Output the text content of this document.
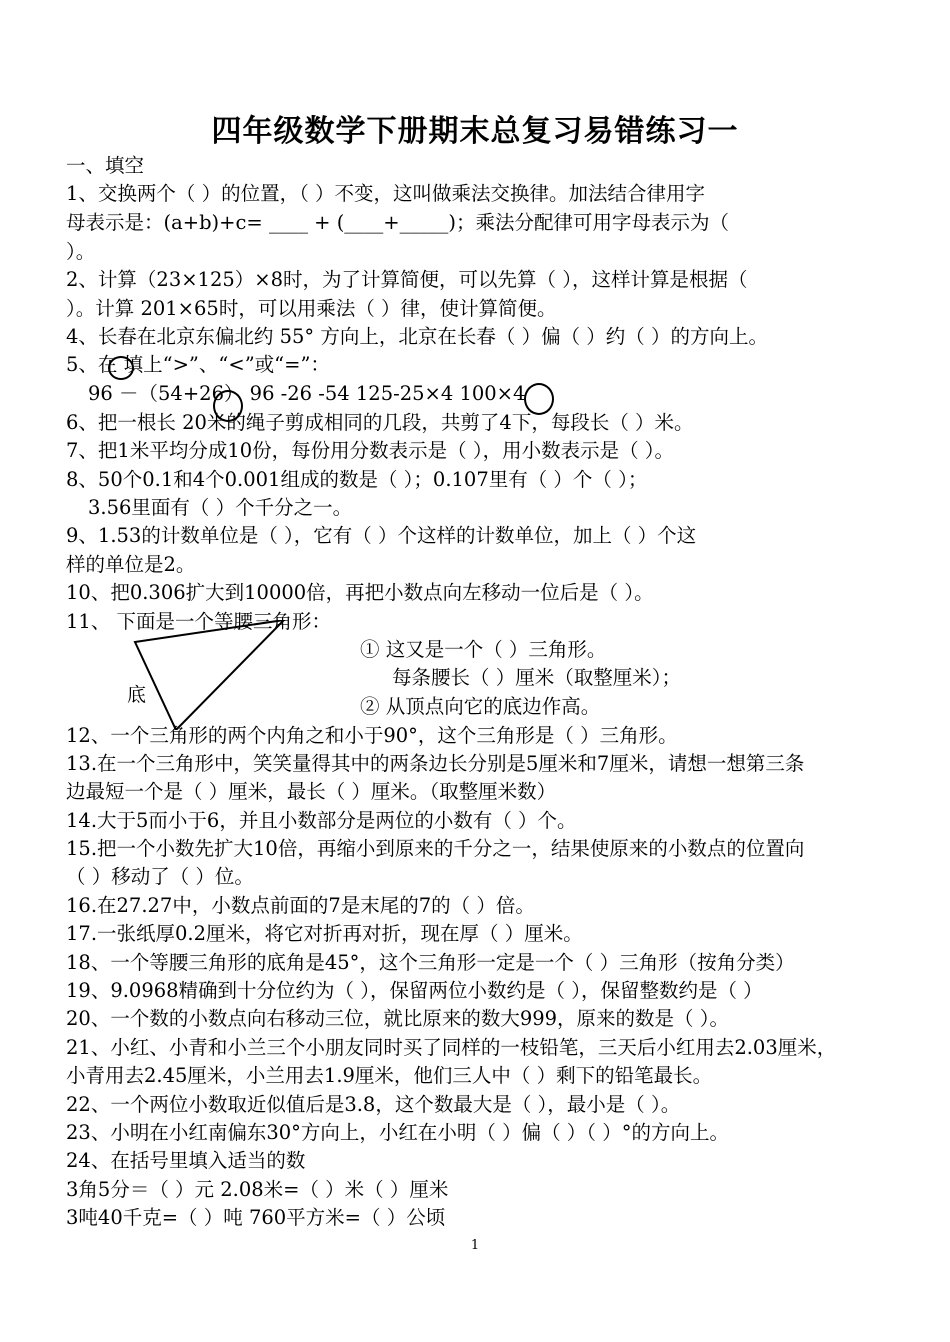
四年级数学下册期末总复习易错练习一
一、填空
1、交换两个（ ）的位置，（ ）不变，这叫做乘法交换律。加法结合律用字
母表示是：(a+b)+c= ____ + (____+_____)；乘法分配律可用字母表示为（
）。
2、计算（23×125）×8时，为了计算简便，可以先算（ ），这样计算是根据（
）。计算 201×65时，可以用乘法（ ）律，使计算简便。
4、长春在北京东偏北约 55° 方向上，北京在长春（ ）偏（ ）约（ ）的方向上。
5、在 填上“>”、“<”或“=”：
96 －（54+26） 96 -26 -54 125-25×4 100×4
6、把一根长 20米的绳子剪成相同的几段，共剪了4下，每段长（ ）米。
7、把1米平均分成10份，每份用分数表示是（ ），用小数表示是（ ）。
8、50个0.1和4个0.001组成的数是（ ）；0.107里有（ ）个（ ）；
3.56里面有（ ）个千分之一。
9、1.53的计数单位是（ ），它有（ ）个这样的计数单位，加上（ ）个这
样的单位是2。
10、把0.306扩大到10000倍，再把小数点向左移动一位后是（ ）。
11、 下面是一个等腰三角形：
底
① 这又是一个（ ）三角形。
每条腰长（ ）厘米（取整厘米）；
② 从顶点向它的底边作高。
12、一个三角形的两个内角之和小于90°，这个三角形是（ ）三角形。
13.在一个三角形中，笑笑量得其中的两条边长分别是5厘米和7厘米，请想一想第三条
边最短一个是（ ）厘米，最长（ ）厘米。（取整厘米数）
14.大于5而小于6，并且小数部分是两位的小数有（ ）个。
15.把一个小数先扩大10倍，再缩小到原来的千分之一，结果使原来的小数点的位置向
（ ）移动了（ ）位。
16.在27.27中，小数点前面的7是末尾的7的（ ）倍。
17.一张纸厚0.2厘米，将它对折再对折，现在厚（ ）厘米。
18、一个等腰三角形的底角是45°，这个三角形一定是一个（ ）三角形（按角分类）
19、9.0968精确到十分位约为（ ），保留两位小数约是（ ），保留整数约是（ ）
20、一个数的小数点向右移动三位，就比原来的数大999，原来的数是（ ）。
21、小红、小青和小兰三个小朋友同时买了同样的一枝铅笔，三天后小红用去2.03厘米，
小青用去2.45厘米，小兰用去1.9厘米，他们三人中（ ）剩下的铅笔最长。
22、一个两位小数取近似值后是3.8，这个数最大是（ ），最小是（ ）。
23、小明在小红南偏东30°方向上，小红在小明（ ）偏（ ）（ ）°的方向上。
24、在括号里填入适当的数
3角5分＝（ ）元 2.08米=（ ）米（ ）厘米
3吨40千克=（ ）吨 760平方米=（ ）公顷
1
